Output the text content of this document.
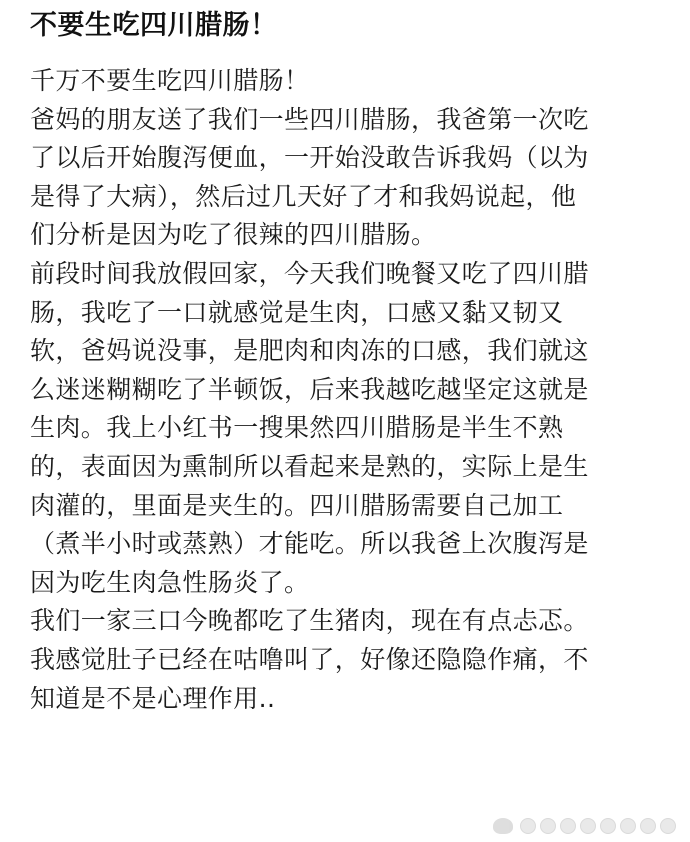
不要生吃四川腊肠！

千万不要生吃四川腊肠！
爸妈的朋友送了我们一些四川腊肠，我爸第一次吃
了以后开始腹泻便血，一开始没敢告诉我妈（以为
是得了大病），然后过几天好了才和我妈说起，他
们分析是因为吃了很辣的四川腊肠。
前段时间我放假回家，今天我们晚餐又吃了四川腊
肠，我吃了一口就感觉是生肉，口感又黏又韧又
软，爸妈说没事，是肥肉和肉冻的口感，我们就这
么迷迷糊糊吃了半顿饭，后来我越吃越坚定这就是
生肉。我上小红书一搜果然四川腊肠是半生不熟
的，表面因为熏制所以看起来是熟的，实际上是生
肉灌的，里面是夹生的。四川腊肠需要自己加工
（煮半小时或蒸熟）才能吃。所以我爸上次腹泻是
因为吃生肉急性肠炎了。
我们一家三口今晚都吃了生猪肉，现在有点忐忑。
我感觉肚子已经在咕噜叫了，好像还隐隐作痛，不
知道是不是心理作用..
